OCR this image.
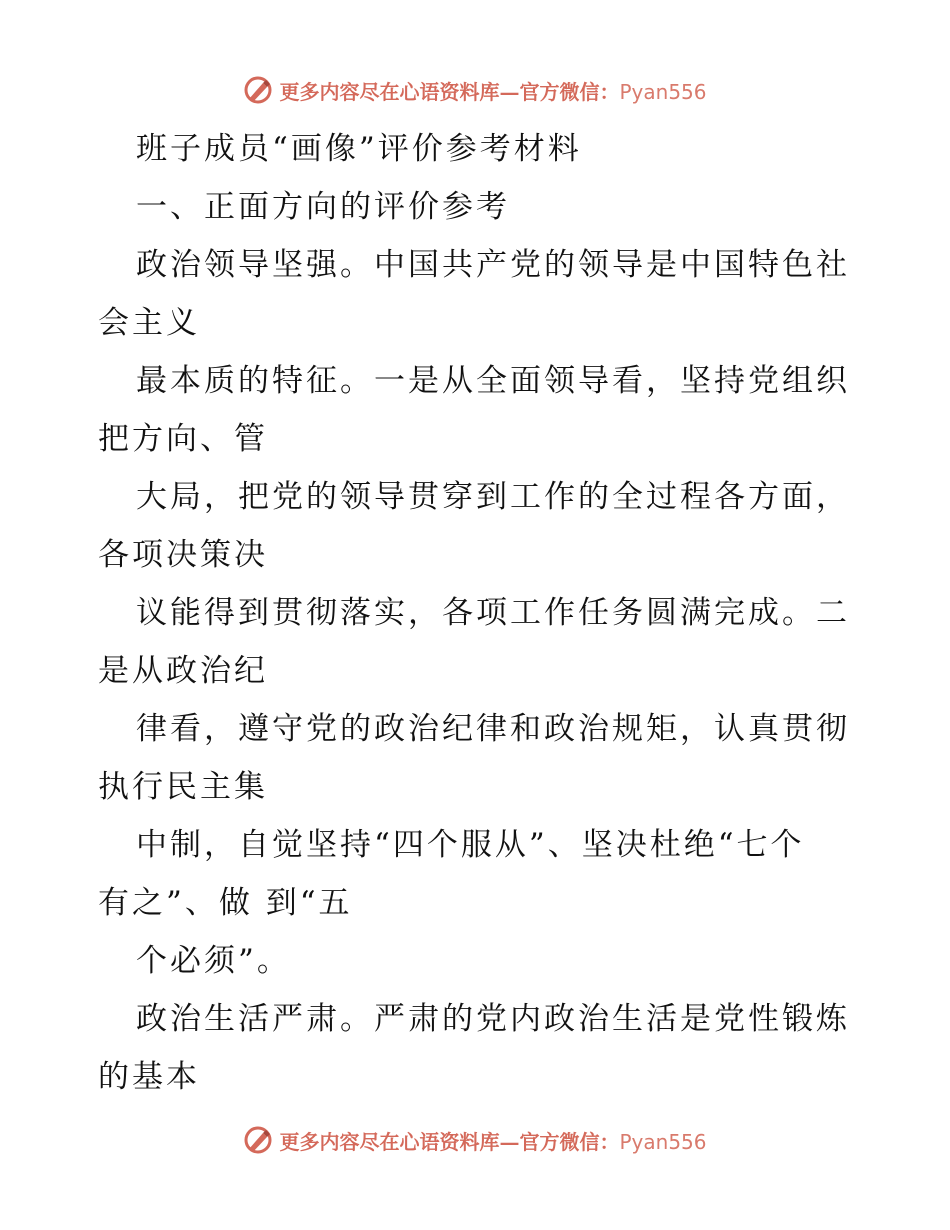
更多内容尽在心语资料库—官方微信：Pyan556
班子成员“画像”评价参考材料
一、正面方向的评价参考
政治领导坚强。中国共产党的领导是中国特色社
会主义
最本质的特征。一是从全面领导看，坚持党组织
把方向、管
大局，把党的领导贯穿到工作的全过程各方面，
各项决策决
议能得到贯彻落实，各项工作任务圆满完成。二
是从政治纪
律看，遵守党的政治纪律和政治规矩，认真贯彻
执行民主集
中制，自觉坚持“四个服从”、坚决杜绝“七个
有之”、做 到“五
个必须”。
政治生活严肃。严肃的党内政治生活是党性锻炼
的基本
更多内容尽在心语资料库—官方微信：Pyan556
